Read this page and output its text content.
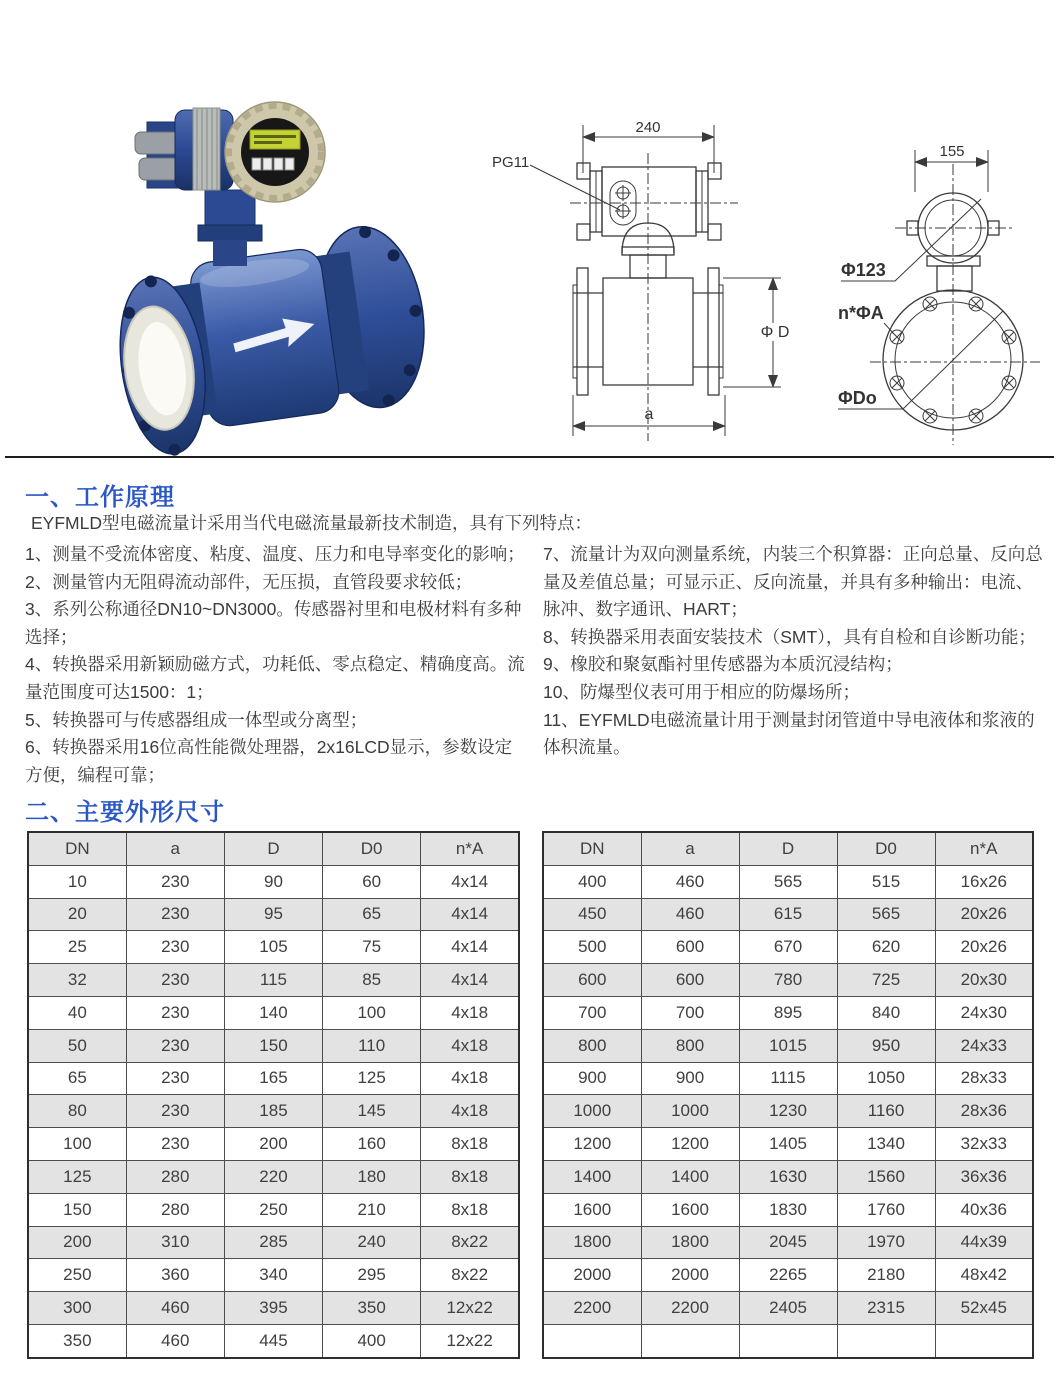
240
PG11
Φ D
a
155
Φ123
ΦDo
n*ΦA
一、工作原理
EYFMLD型电磁流量计采用当代电磁流量最新技术制造，具有下列特点：

1、测量不受流体密度、粘度、温度、压力和电导率变化的影响；

2、测量管内无阻碍流动部件，无压损，直管段要求较低；

3、系列公称通径DN10~DN3000。传感器衬里和电极材料有多种选择；

4、转换器采用新颖励磁方式，功耗低、零点稳定、精确度高。流量范围度可达1500：1；

5、转换器可与传感器组成一体型或分离型；

6、转换器采用16位高性能微处理器，2x16LCD显示，参数设定方便，编程可靠；

7、流量计为双向测量系统，内装三个积算器：正向总量、反向总量及差值总量；可显示正、反向流量，并具有多种输出：电流、脉冲、数字通讯、HART；

8、转换器采用表面安装技术（SMT），具有自检和自诊断功能；

9、橡胶和聚氨酯衬里传感器为本质沉浸结构；

10、防爆型仪表可用于相应的防爆场所；

11、EYFMLD电磁流量计用于测量封闭管道中导电液体和浆液的体积流量。

二、主要外形尺寸
DN	a	D	D0	n*A
10	230	90	60	4x14
20	230	95	65	4x14
25	230	105	75	4x14
32	230	115	85	4x14
40	230	140	100	4x18
50	230	150	110	4x18
65	230	165	125	4x18
80	230	185	145	4x18
100	230	200	160	8x18
125	280	220	180	8x18
150	280	250	210	8x18
200	310	285	240	8x22
250	360	340	295	8x22
300	460	395	350	12x22
350	460	445	400	12x22
DN	a	D	D0	n*A
400	460	565	515	16x26
450	460	615	565	20x26
500	600	670	620	20x26
600	600	780	725	20x30
700	700	895	840	24x30
800	800	1015	950	24x33
900	900	1115	1050	28x33
1000	1000	1230	1160	28x36
1200	1200	1405	1340	32x33
1400	1400	1630	1560	36x36
1600	1600	1830	1760	40x36
1800	1800	2045	1970	44x39
2000	2000	2265	2180	48x42
2200	2200	2405	2315	52x45
